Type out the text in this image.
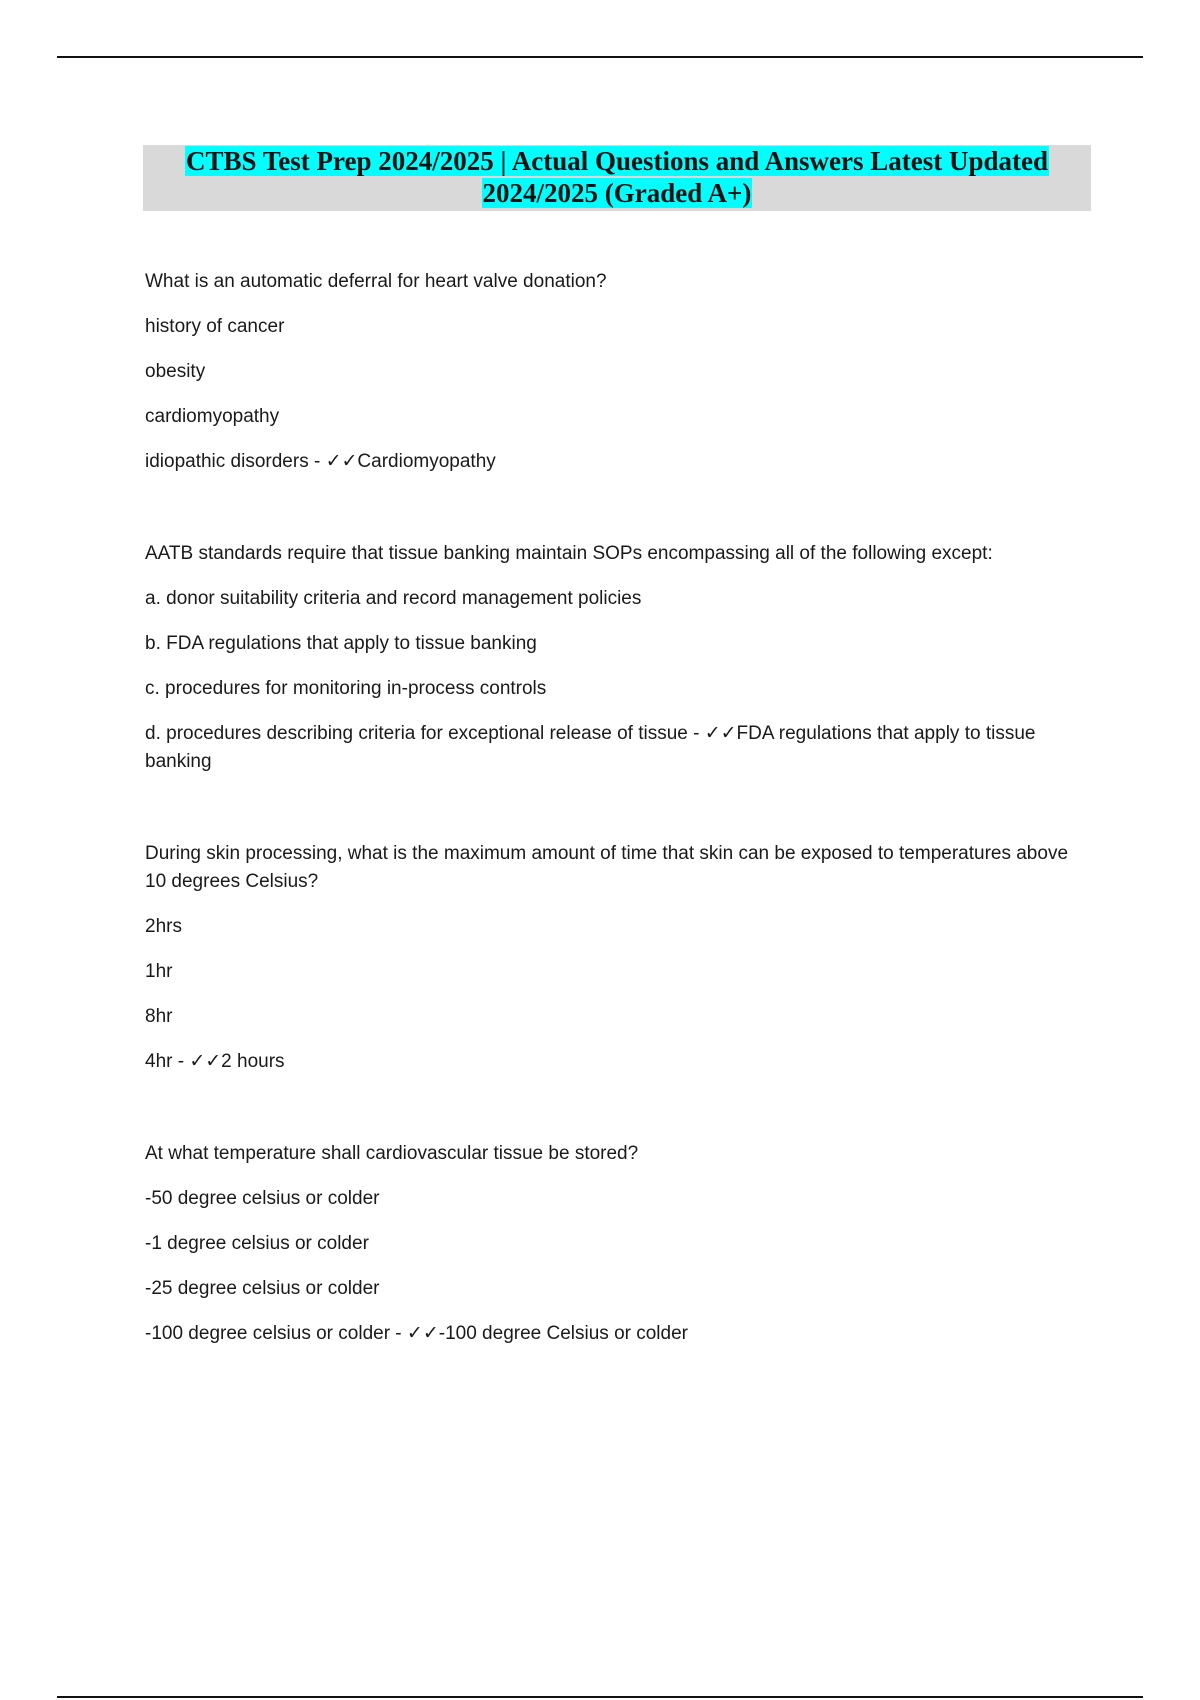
CTBS Test Prep 2024/2025 | Actual Questions and Answers Latest Updated
2024/2025 (Graded A+)
What is an automatic deferral for heart valve donation?
history of cancer
obesity
cardiomyopathy
idiopathic disorders - ✓✓Cardiomyopathy
AATB standards require that tissue banking maintain SOPs encompassing all of the following except:
a. donor suitability criteria and record management policies
b. FDA regulations that apply to tissue banking
c. procedures for monitoring in-process controls
d. procedures describing criteria for exceptional release of tissue - ✓✓FDA regulations that apply to tissue banking
During skin processing, what is the maximum amount of time that skin can be exposed to temperatures above 10 degrees Celsius?
2hrs
1hr
8hr
4hr - ✓✓2 hours
At what temperature shall cardiovascular tissue be stored?
-50 degree celsius or colder
-1 degree celsius or colder
-25 degree celsius or colder
-100 degree celsius or colder - ✓✓-100 degree Celsius or colder
